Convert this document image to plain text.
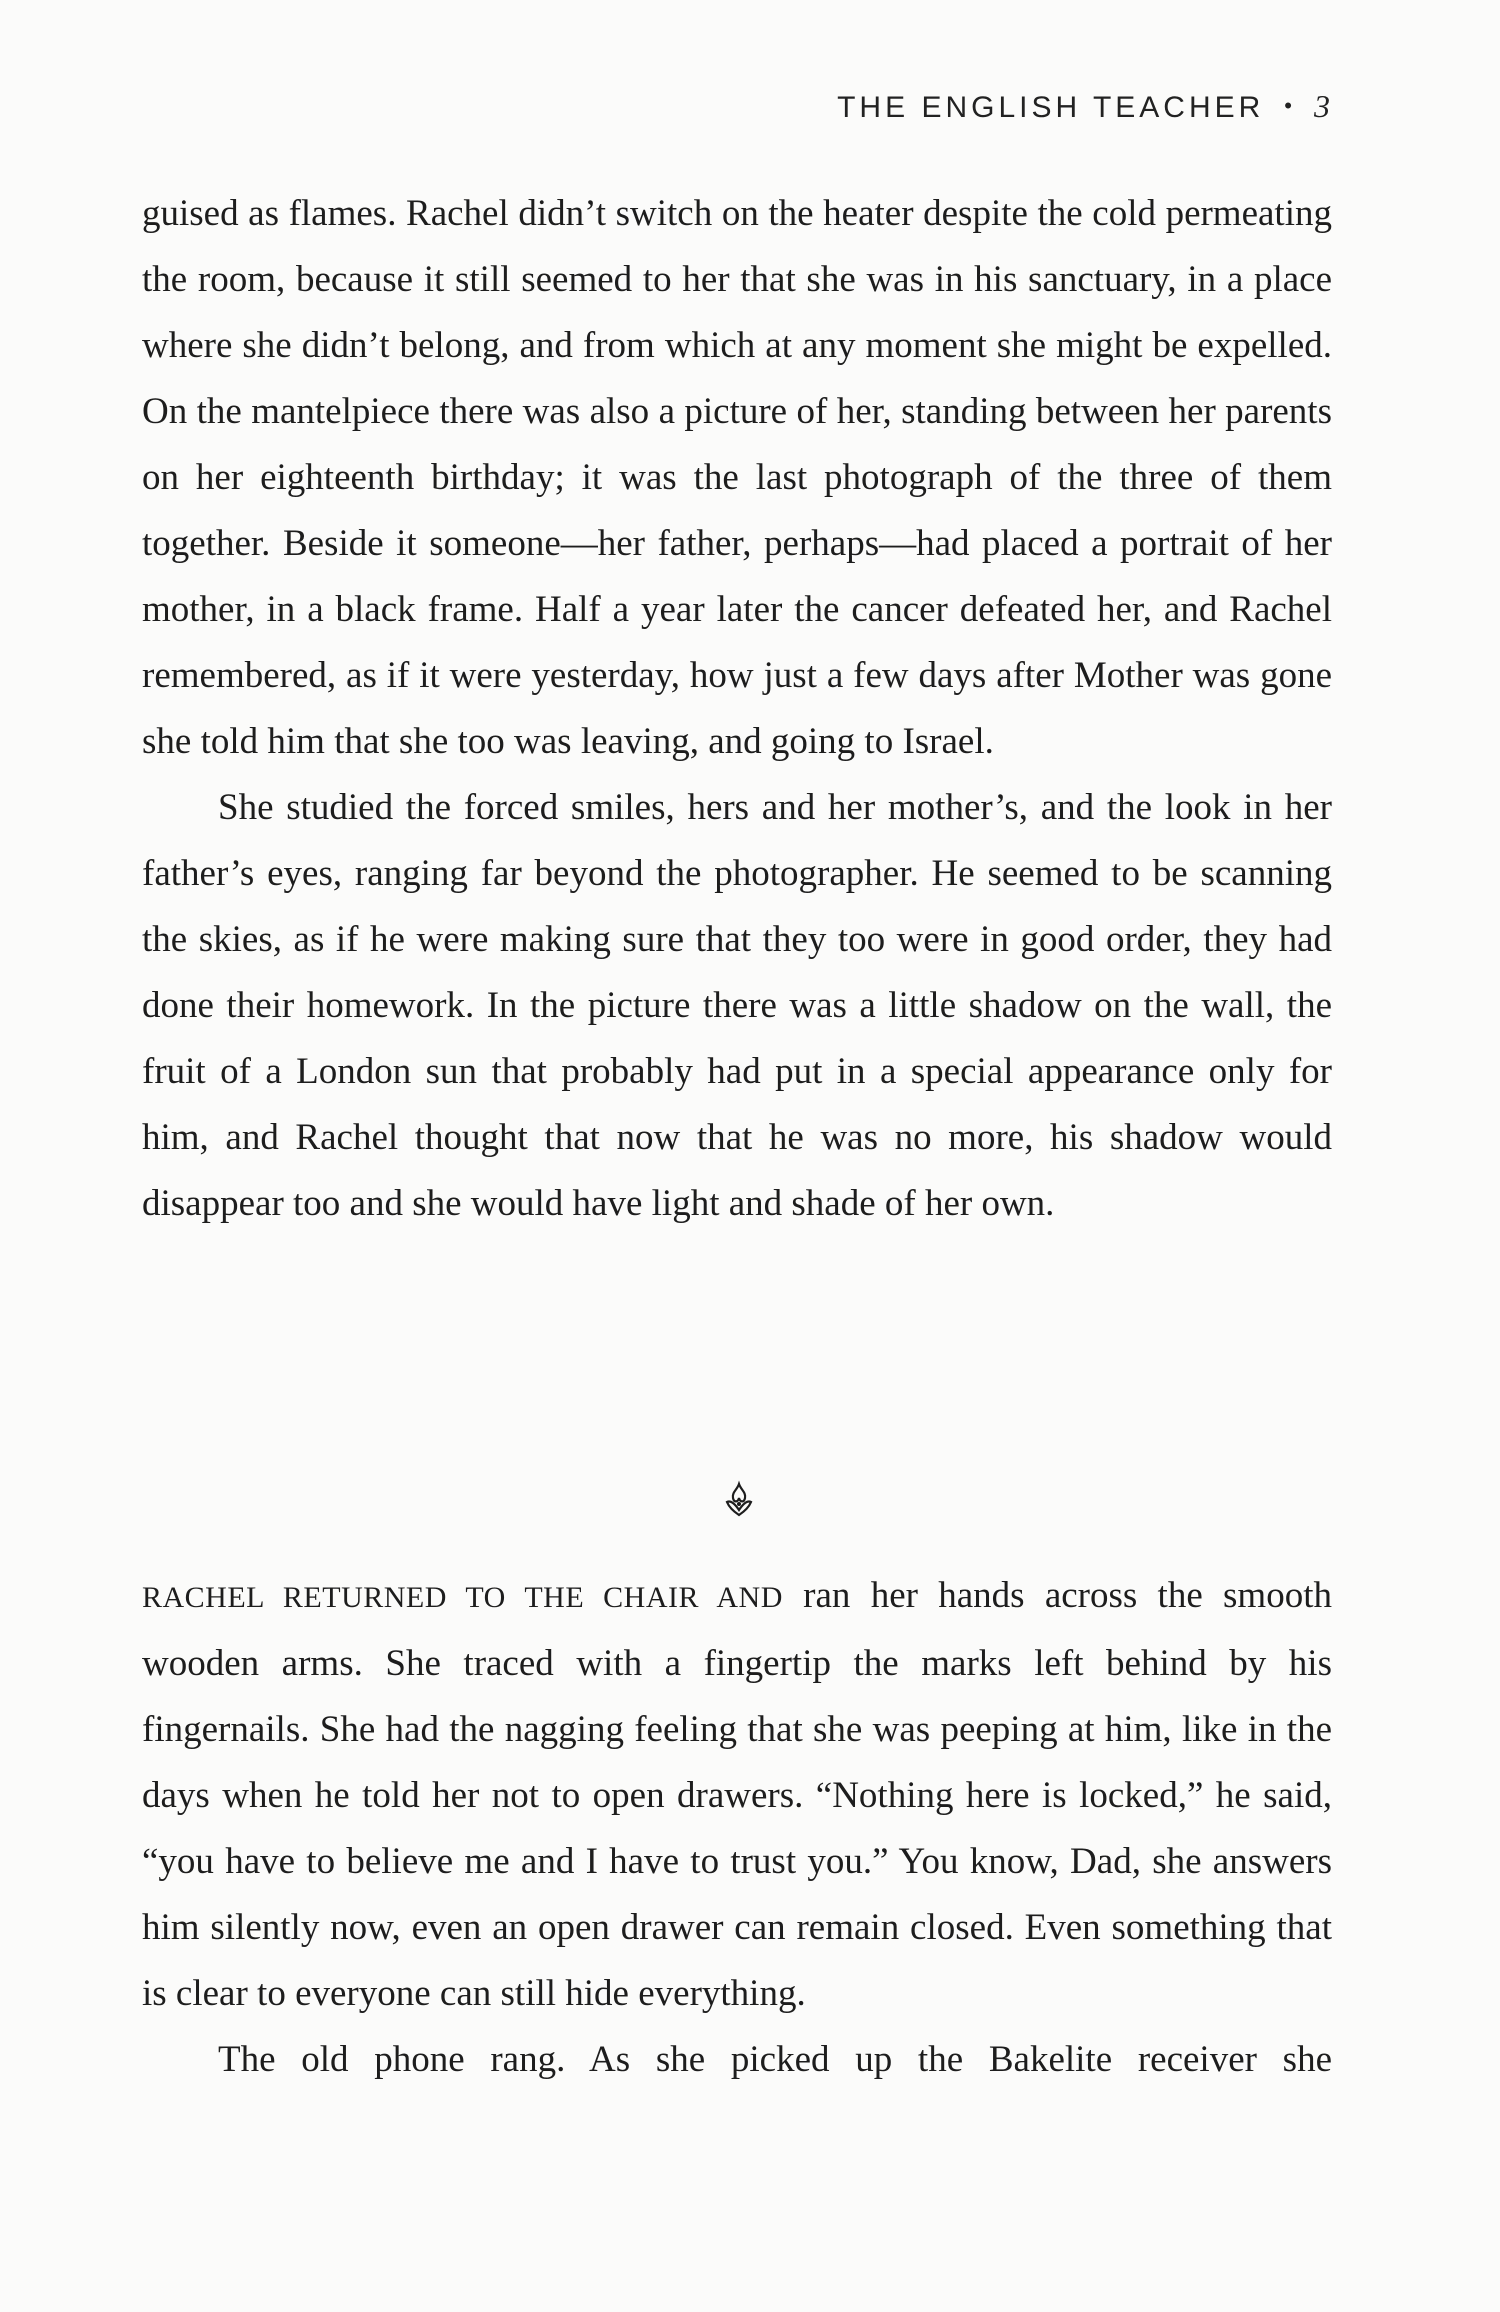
THE ENGLISH TEACHER • 3

guised as flames. Rachel didn’t switch on the heater despite the cold permeating the room, because it still seemed to her that she was in his sanctuary, in a place where she didn’t belong, and from which at any moment she might be expelled. On the mantelpiece there was also a picture of her, standing between her parents on her eighteenth birthday; it was the last photograph of the three of them together. Beside it someone—her father, perhaps—had placed a portrait of her mother, in a black frame. Half a year later the cancer defeated her, and Rachel remembered, as if it were yesterday, how just a few days after Mother was gone she told him that she too was leaving, and going to Israel.

She studied the forced smiles, hers and her mother’s, and the look in her father’s eyes, ranging far beyond the photographer. He seemed to be scanning the skies, as if he were making sure that they too were in good order, they had done their homework. In the picture there was a little shadow on the wall, the fruit of a London sun that probably had put in a special appearance only for him, and Rachel thought that now that he was no more, his shadow would disappear too and she would have light and shade of her own.

RACHEL RETURNED TO THE CHAIR AND ran her hands across the smooth wooden arms. She traced with a fingertip the marks left behind by his fingernails. She had the nagging feeling that she was peeping at him, like in the days when he told her not to open drawers. “Nothing here is locked,” he said, “you have to believe me and I have to trust you.” You know, Dad, she answers him silently now, even an open drawer can remain closed. Even something that is clear to everyone can still hide everything.

The old phone rang. As she picked up the Bakelite receiver she
